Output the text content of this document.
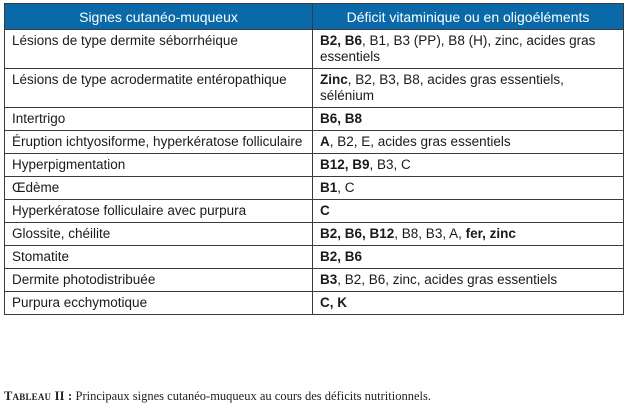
Signes cutanéo-muqueux	Déficit vitaminique ou en oligoéléments
Lésions de type dermite séborrhéique	B2, B6, B1, B3 (PP), B8 (H), zinc, acides gras essentiels
Lésions de type acrodermatite entéropathique	Zinc, B2, B3, B8, acides gras essentiels, sélénium
Intertrigo	B6, B8
Éruption ichtyosiforme, hyperkératose folliculaire	A, B2, E, acides gras essentiels
Hyperpigmentation	B12, B9, B3, C
Œdème	B1, C
Hyperkératose folliculaire avec purpura	C
Glossite, chéilite	B2, B6, B12, B8, B3, A, fer, zinc
Stomatite	B2, B6
Dermite photodistribuée	B3, B2, B6, zinc, acides gras essentiels
Purpura ecchymotique	C, K
Tableau II : Principaux signes cutanéo-muqueux au cours des déficits nutritionnels.
